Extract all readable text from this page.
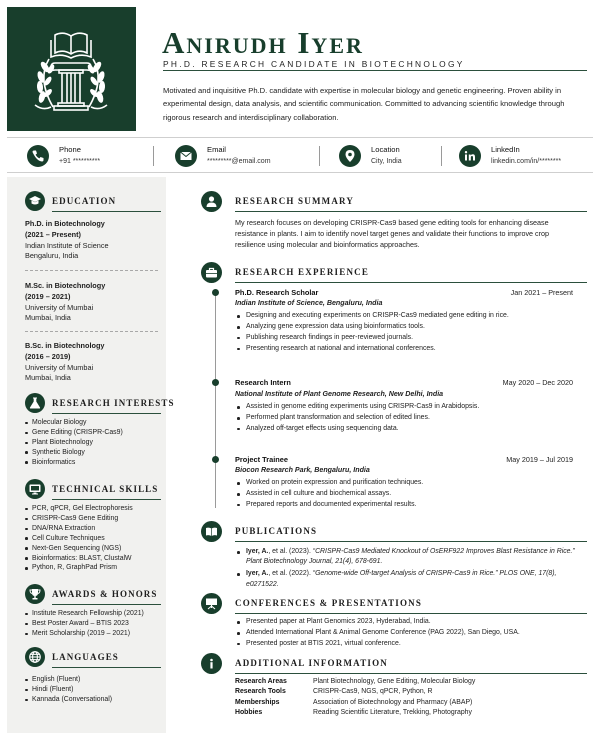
Anirudh Iyer
PH.D. RESEARCH CANDIDATE IN BIOTECHNOLOGY
Motivated and inquisitive Ph.D. candidate with expertise in molecular biology and genetic engineering. Proven ability in experimental design, data analysis, and scientific communication. Committed to advancing scientific knowledge through rigorous research and interdisciplinary collaboration.
Phone
+91 **********
Email
*********@email.com
Location
City, India
LinkedIn
linkedin.com/in/********
EDUCATION
Ph.D. in Biotechnology
(2021 – Present)
Indian Institute of Science
Bengaluru, India
M.Sc. in Biotechnology
(2019 – 2021)
University of Mumbai
Mumbai, India
B.Sc. in Biotechnology
(2016 – 2019)
University of Mumbai
Mumbai, India
RESEARCH INTERESTS
Molecular Biology
Gene Editing (CRISPR-Cas9)
Plant Biotechnology
Synthetic Biology
Bioinformatics
TECHNICAL SKILLS
PCR, qPCR, Gel Electrophoresis
CRISPR-Cas9 Gene Editing
DNA/RNA Extraction
Cell Culture Techniques
Next-Gen Sequencing (NGS)
Bioinformatics: BLAST, ClustalW
Python, R, GraphPad Prism
AWARDS & HONORS
Institute Research Fellowship (2021)
Best Poster Award – BTIS 2023
Merit Scholarship (2019 – 2021)
LANGUAGES
English (Fluent)
Hindi (Fluent)
Kannada (Conversational)
RESEARCH SUMMARY
My research focuses on developing CRISPR-Cas9 based gene editing tools for enhancing disease resistance in plants. I aim to identify novel target genes and validate their functions to improve crop resilience using molecular and bioinformatics approaches.
RESEARCH EXPERIENCE
Ph.D. Research Scholar	Jan 2021 – Present
Indian Institute of Science, Bengaluru, India
Designing and executing experiments on CRISPR-Cas9 mediated gene editing in rice.
Analyzing gene expression data using bioinformatics tools.
Publishing research findings in peer-reviewed journals.
Presenting research at national and international conferences.
Research Intern	May 2020 – Dec 2020
National Institute of Plant Genome Research, New Delhi, India
Assisted in genome editing experiments using CRISPR-Cas9 in Arabidopsis.
Performed plant transformation and selection of edited lines.
Analyzed off-target effects using sequencing data.
Project Trainee	May 2019 – Jul 2019
Biocon Research Park, Bengaluru, India
Worked on protein expression and purification techniques.
Assisted in cell culture and biochemical assays.
Prepared reports and documented experimental results.
PUBLICATIONS
Iyer, A., et al. (2023). “CRISPR-Cas9 Mediated Knockout of OsERF922 Improves Blast Resistance in Rice.” Plant Biotechnology Journal, 21(4), 678-691.
Iyer, A., et al. (2022). “Genome-wide Off-target Analysis of CRISPR-Cas9 in Rice.” PLOS ONE, 17(8), e0271522.
CONFERENCES & PRESENTATIONS
Presented paper at Plant Genomics 2023, Hyderabad, India.
Attended International Plant & Animal Genome Conference (PAG 2022), San Diego, USA.
Presented poster at BTIS 2021, virtual conference.
ADDITIONAL INFORMATION
Research Areas	Plant Biotechnology, Gene Editing, Molecular Biology
Research Tools	CRISPR-Cas9, NGS, qPCR, Python, R
Memberships	Association of Biotechnology and Pharmacy (ABAP)
Hobbies	Reading Scientific Literature, Trekking, Photography
